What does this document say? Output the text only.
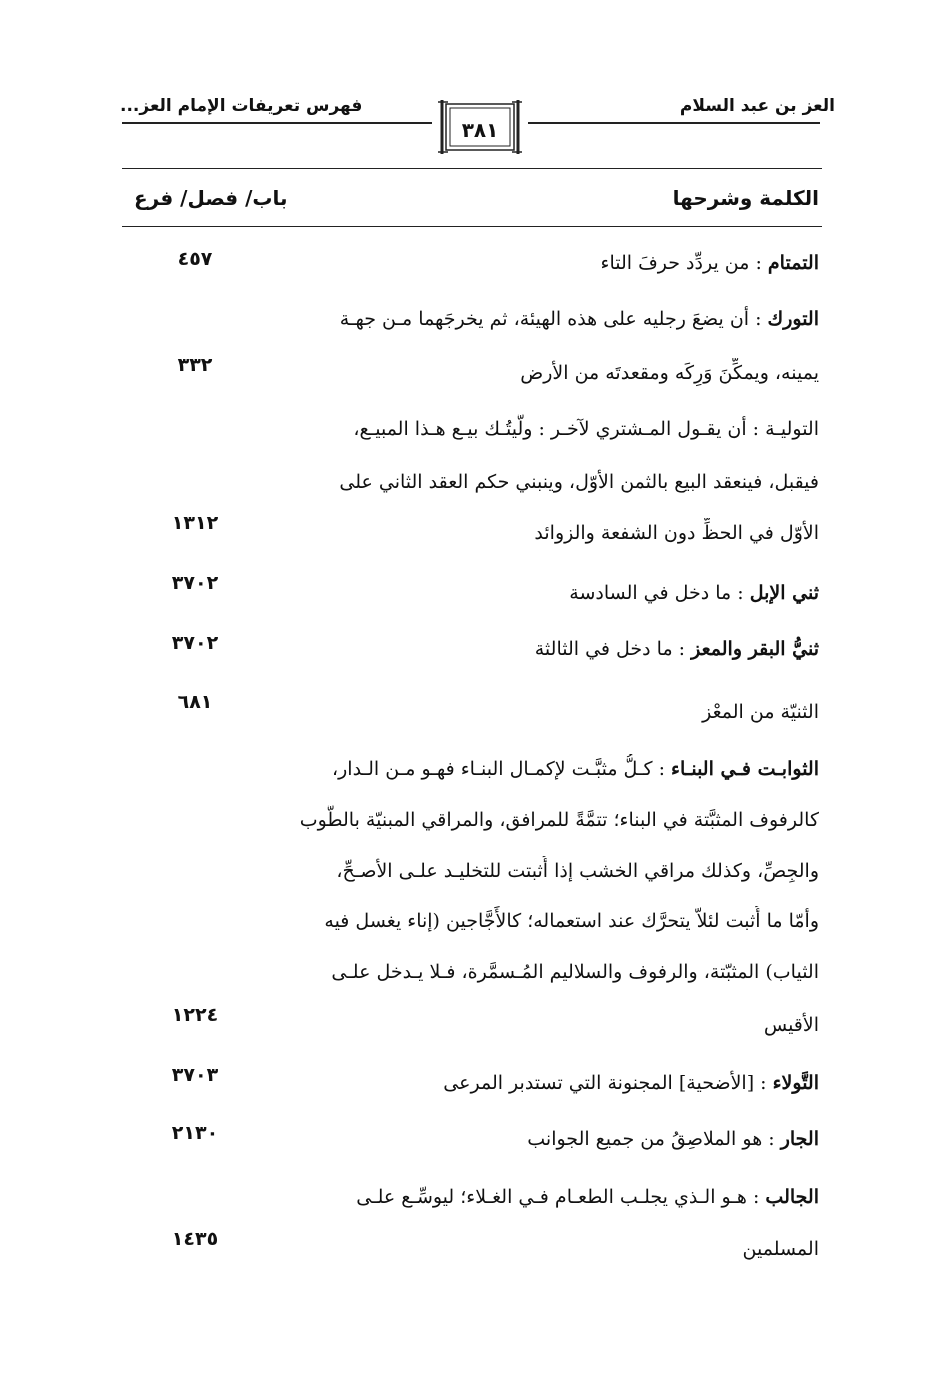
العز بن عبد السلام
فهرس تعريفات الإمام العز...
٣٨١
الكلمة وشرحها
باب/ فصل/ فرع
التمتام : من يردِّد حرفَ التاء
٤٥٧
التورك : أن يضعَ رجليه على هذه الهيئة، ثم يخرجَهما مـن جهـة
يمينه، ويمكِّنَ وَرِكَه ومقعدتَه من الأرض
٣٣٢
التوليـة : أن يقـول المـشتري لآخـر : ولَّيتُـك بيـع هـذا المبيـع،
فيقبل، فينعقد البيع بالثمن الأوّل، وينبني حكم العقد الثاني على
الأوّل في الحظِّ دون الشفعة والزوائد
١٣١٢
ثني الإبل : ما دخل في السادسة
٣٧٠٢
ثنيُّ البقر والمعز : ما دخل في الثالثة
٣٧٠٢
الثنيّة من المعْز
٦٨١
الثوابـت فـي البنـاء : كـلُّ مثبَّـت لإكمـال البنـاء فهـو مـن الـدار،
كالرفوف المثبَّتة في البناء؛ تتمَّةً للمرافق، والمراقي المبنيّة بالطُّوب
والجِصِّ، وكذلك مراقي الخشب إذا أُثبتت للتخليـد علـى الأصـحِّ،
وأمّا ما أُثبت لئلاّ يتحرَّك عند استعماله؛ كالأَجَّاجين (إناء يغسل فيه
الثياب) المثبّتة، والرفوف والسلاليم المُـسمَّرة، فـلا يـدخل علـى
الأقيس
١٢٢٤
التَّولاء : [الأضحية] المجنونة التي تستدبر المرعى
٣٧٠٣
الجار : هو الملاصِقُ من جميع الجوانب
٢١٣٠
الجالب : هـو الـذي يجلـب الطعـام فـي الغـلاء؛ ليوسِّـع علـى
المسلمين
١٤٣٥
